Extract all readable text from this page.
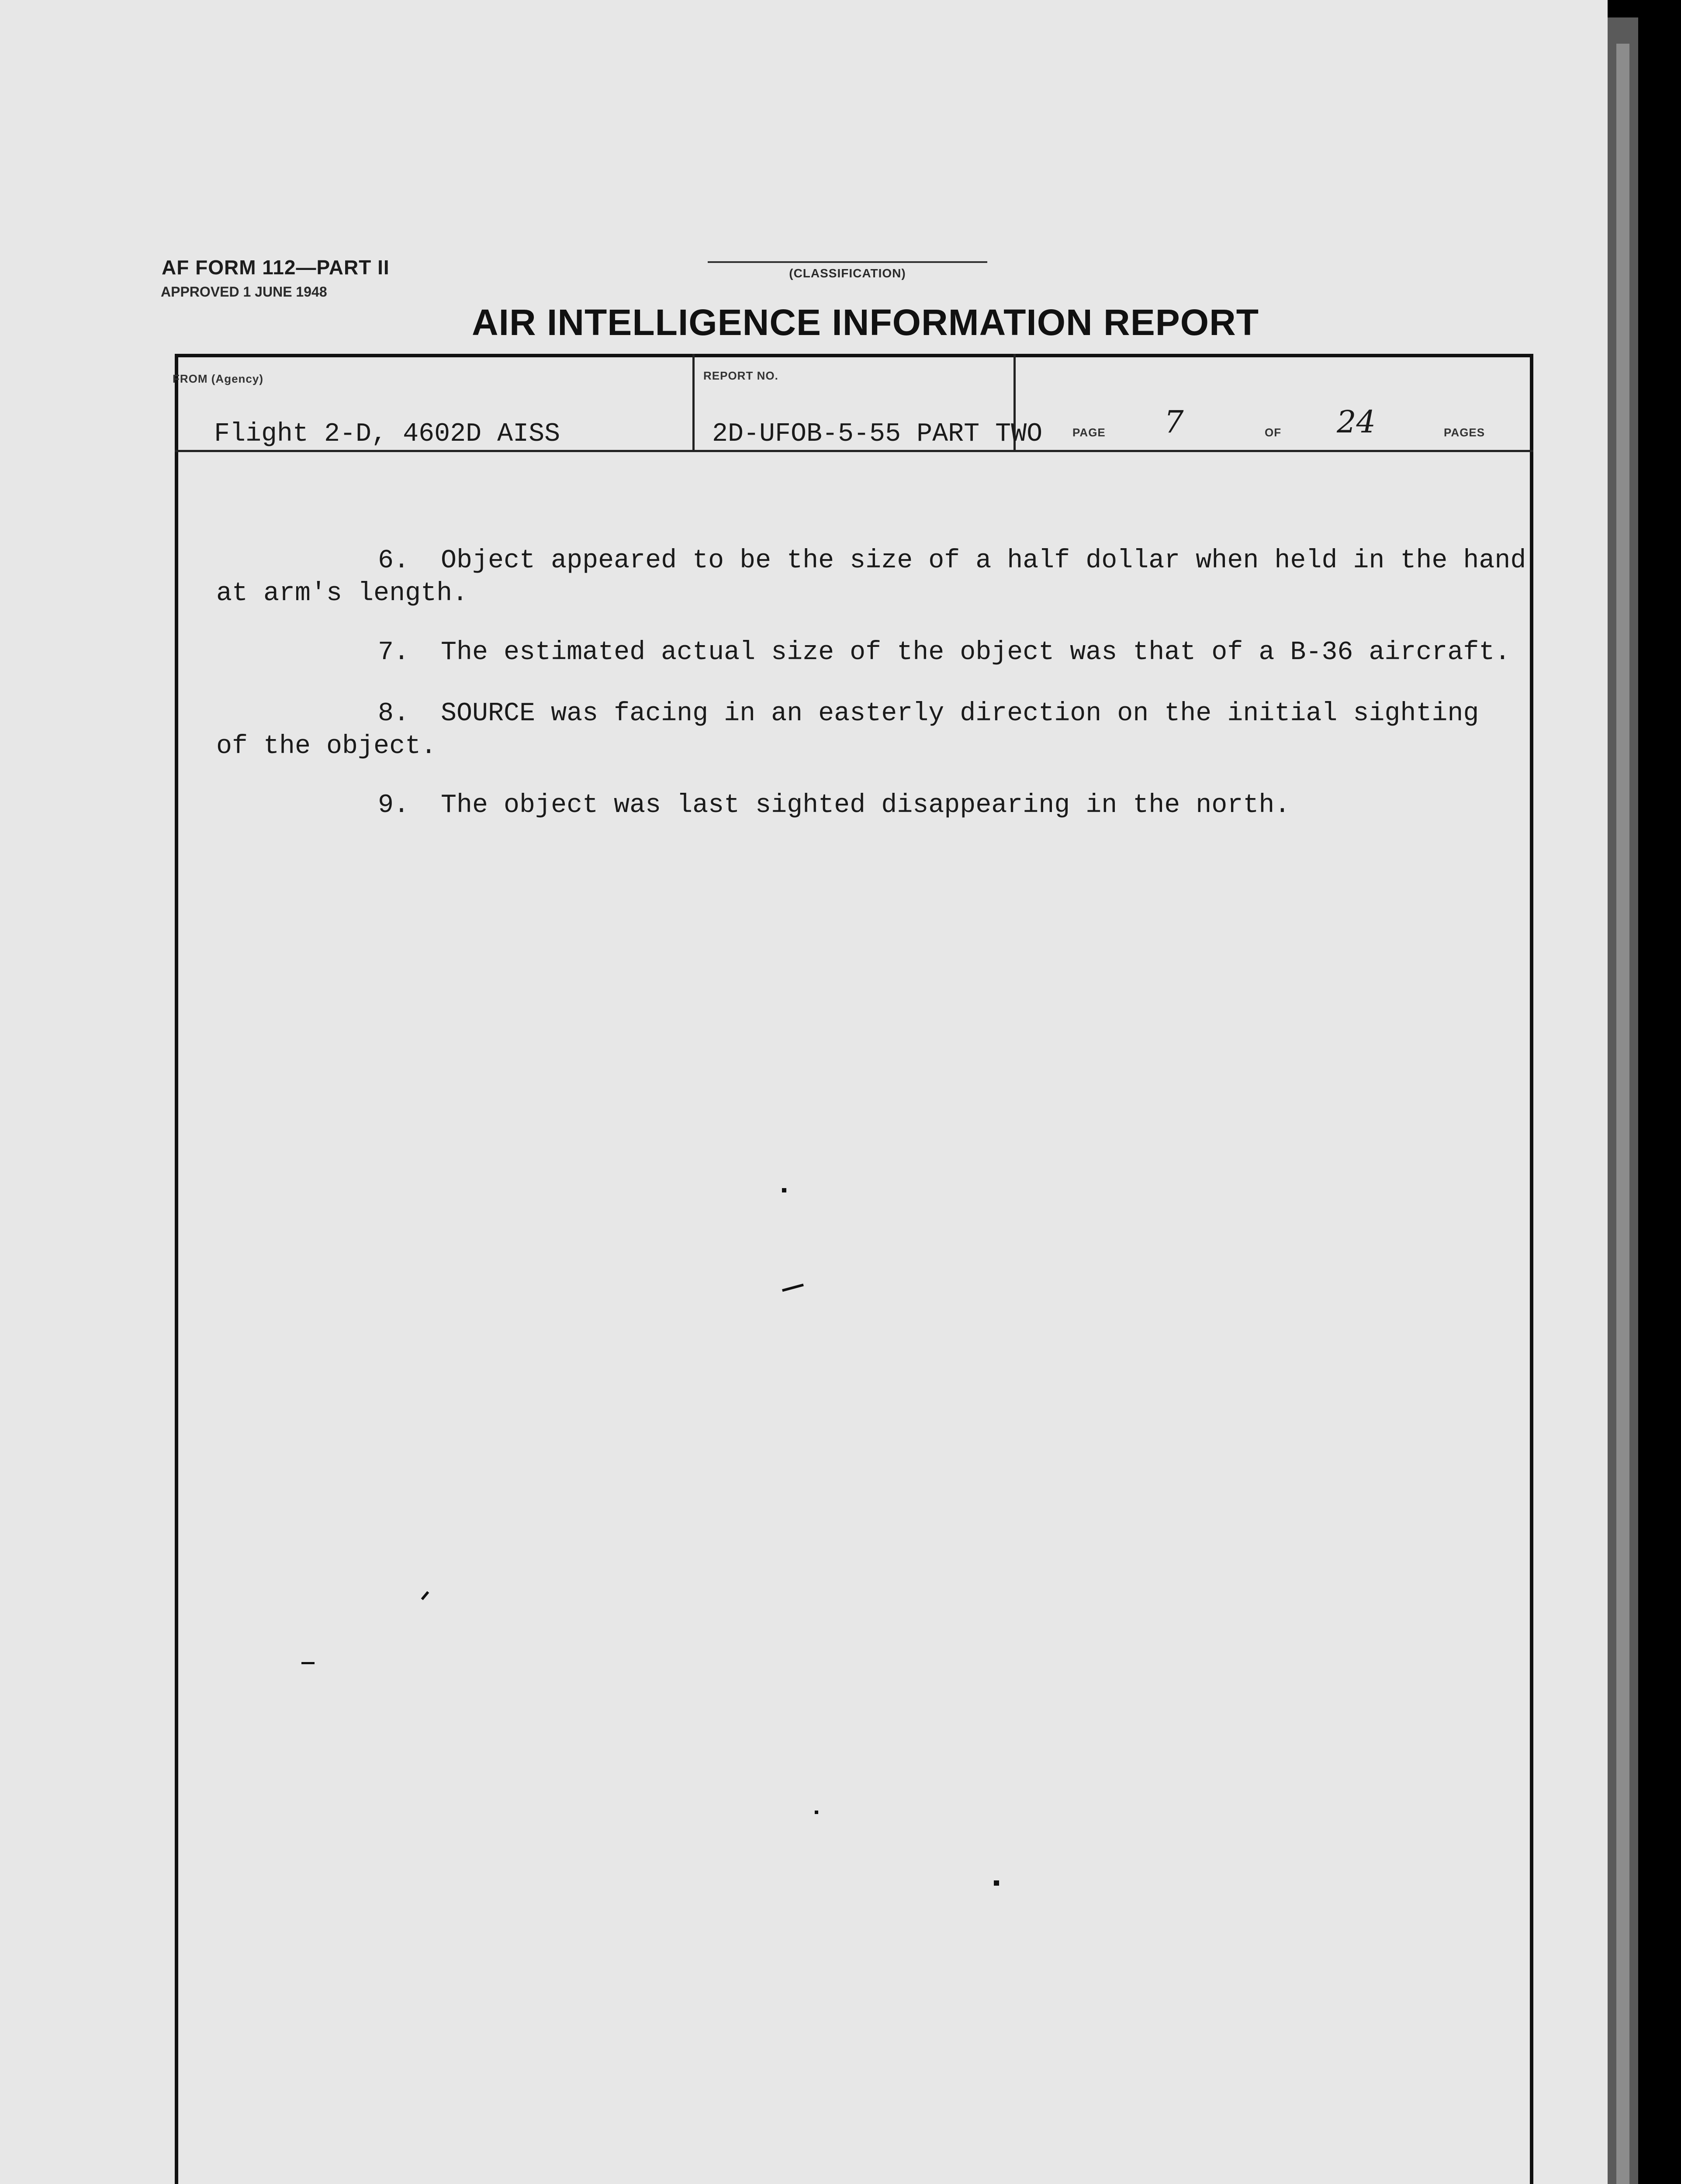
AF FORM 112—PART II
APPROVED 1 JUNE 1948
(CLASSIFICATION)
AIR INTELLIGENCE INFORMATION REPORT
FROM (Agency)
Flight 2-D, 4602D AISS
REPORT NO.
2D-UFOB-5-55 PART TWO	PAGE 7	OF 24	PAGES
6.  Object appeared to be the size of a half dollar when held in the hand
at arm's length.
7.  The estimated actual size of the object was that of a B-36 aircraft.
8.  SOURCE was facing in an easterly direction on the initial sighting
of the object.
9.  The object was last sighted disappearing in the north.
